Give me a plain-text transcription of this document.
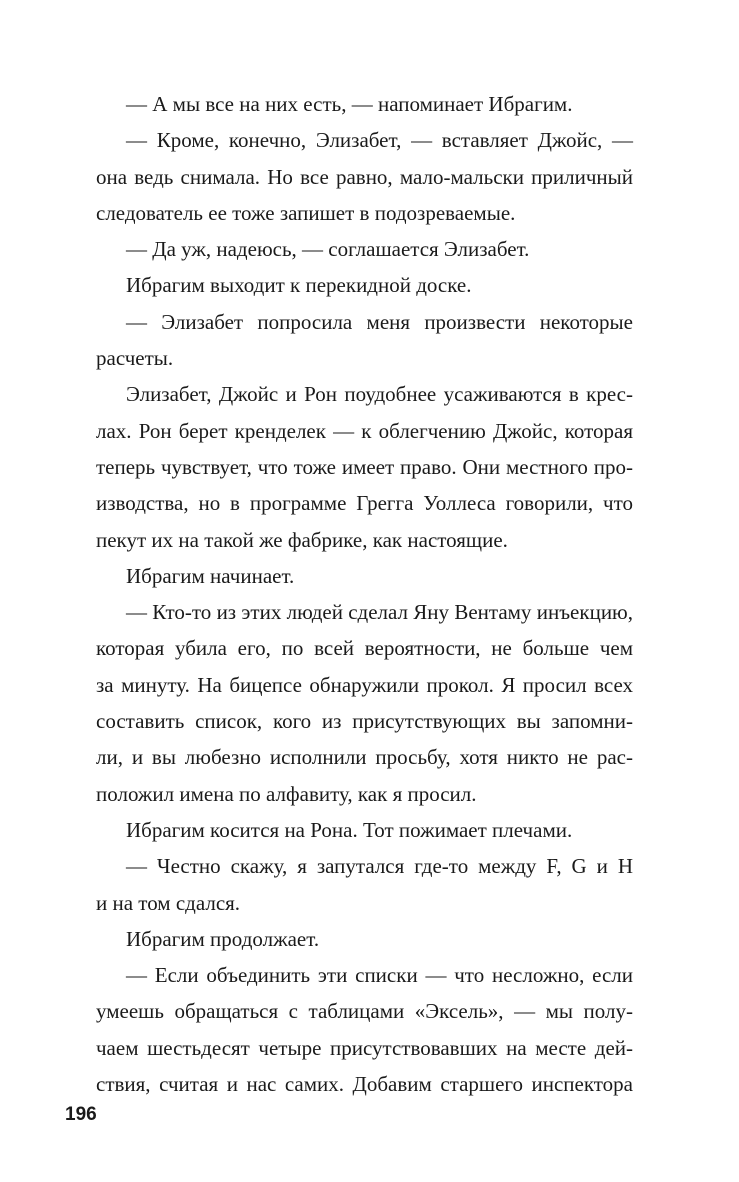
— А мы все на них есть, — напоминает Ибрагим.
— Кроме, конечно, Элизабет, — вставляет Джойс, —
она ведь снимала. Но все равно, мало-мальски приличный
следователь ее тоже запишет в подозреваемые.
— Да уж, надеюсь, — соглашается Элизабет.
Ибрагим выходит к перекидной доске.
— Элизабет попросила меня произвести некоторые
расчеты.
Элизабет, Джойс и Рон поудобнее усаживаются в крес-
лах. Рон берет кренделек — к облегчению Джойс, которая
теперь чувствует, что тоже имеет право. Они местного про-
изводства, но в программе Грегга Уоллеса говорили, что
пекут их на такой же фабрике, как настоящие.
Ибрагим начинает.
— Кто-то из этих людей сделал Яну Вентаму инъекцию,
которая убила его, по всей вероятности, не больше чем
за минуту. На бицепсе обнаружили прокол. Я просил всех
составить список, кого из присутствующих вы запомни-
ли, и вы любезно исполнили просьбу, хотя никто не рас-
положил имена по алфавиту, как я просил.
Ибрагим косится на Рона. Тот пожимает плечами.
— Честно скажу, я запутался где-то между F, G и H
и на том сдался.
Ибрагим продолжает.
— Если объединить эти списки — что несложно, если
умеешь обращаться с таблицами «Эксель», — мы полу-
чаем шестьдесят четыре присутствовавших на месте дей-
ствия, считая и нас самих. Добавим старшего инспектора
196
